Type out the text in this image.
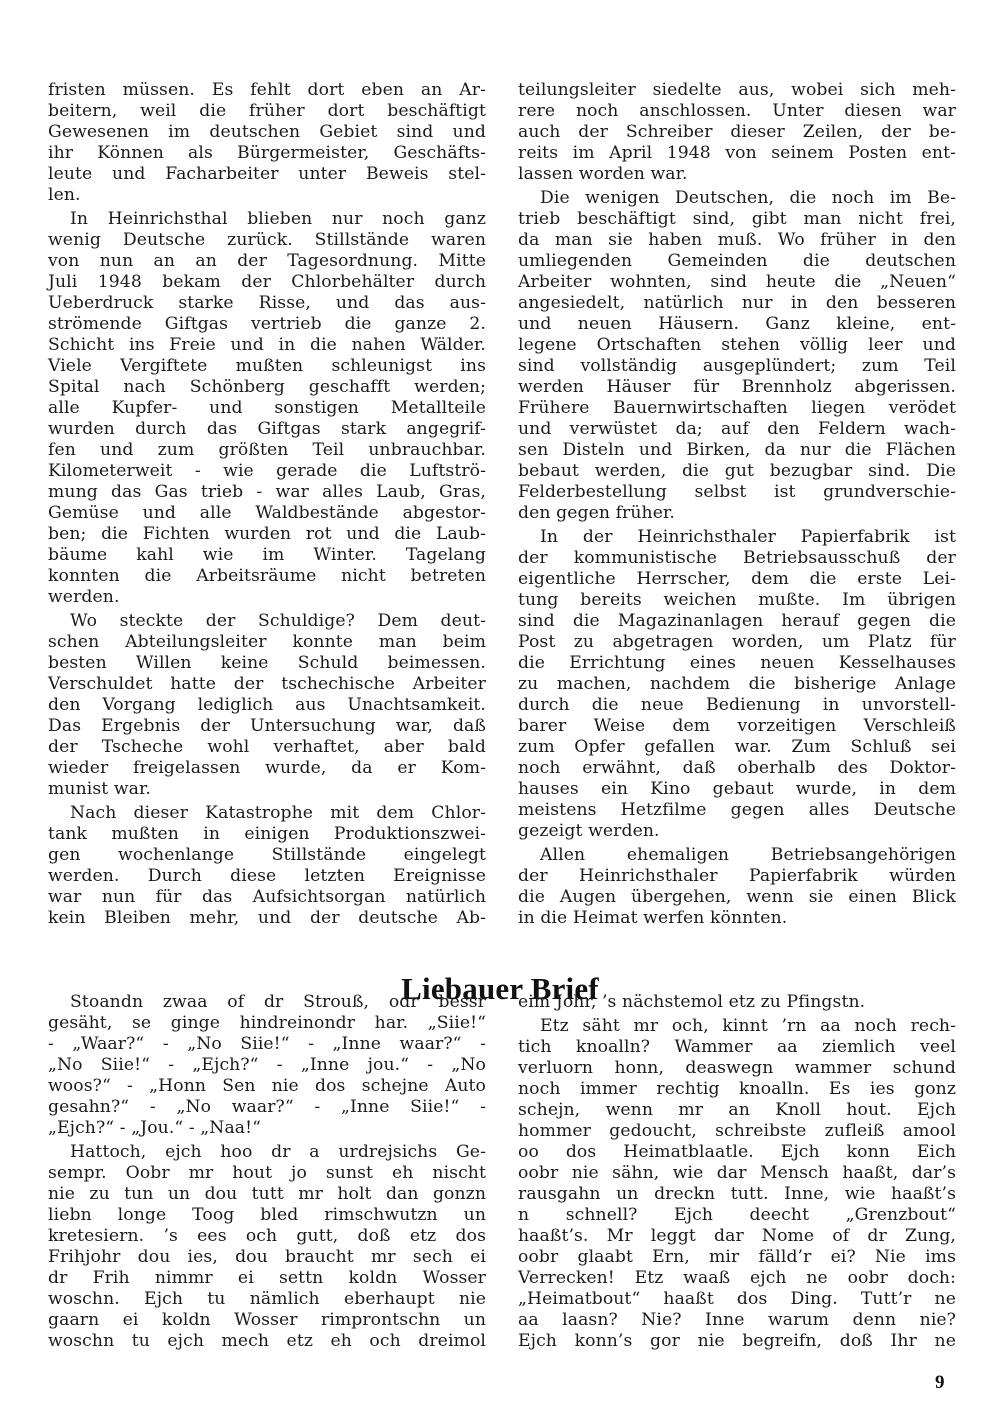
fristen müssen. Es fehlt dort eben an Ar-
beitern, weil die früher dort beschäftigt
Gewesenen im deutschen Gebiet sind und
ihr Können als Bürgermeister, Geschäfts-
leute und Facharbeiter unter Beweis stel-
len.
In Heinrichsthal blieben nur noch ganz
wenig Deutsche zurück. Stillstände waren
von nun an an der Tagesordnung. Mitte
Juli 1948 bekam der Chlorbehälter durch
Ueberdruck starke Risse, und das aus-
strömende Giftgas vertrieb die ganze 2.
Schicht ins Freie und in die nahen Wälder.
Viele Vergiftete mußten schleunigst ins
Spital nach Schönberg geschafft werden;
alle Kupfer- und sonstigen Metallteile
wurden durch das Giftgas stark angegrif-
fen und zum größten Teil unbrauchbar.
Kilometerweit - wie gerade die Luftströ-
mung das Gas trieb - war alles Laub, Gras,
Gemüse und alle Waldbestände abgestor-
ben; die Fichten wurden rot und die Laub-
bäume kahl wie im Winter. Tagelang
konnten die Arbeitsräume nicht betreten
werden.
Wo steckte der Schuldige? Dem deut-
schen Abteilungsleiter konnte man beim
besten Willen keine Schuld beimessen.
Verschuldet hatte der tschechische Arbeiter
den Vorgang lediglich aus Unachtsamkeit.
Das Ergebnis der Untersuchung war, daß
der Tscheche wohl verhaftet, aber bald
wieder freigelassen wurde, da er Kom-
munist war.
Nach dieser Katastrophe mit dem Chlor-
tank mußten in einigen Produktionszwei-
gen wochenlange Stillstände eingelegt
werden. Durch diese letzten Ereignisse
war nun für das Aufsichtsorgan natürlich
kein Bleiben mehr, und der deutsche Ab-
teilungsleiter siedelte aus, wobei sich meh-
rere noch anschlossen. Unter diesen war
auch der Schreiber dieser Zeilen, der be-
reits im April 1948 von seinem Posten ent-
lassen worden war.
Die wenigen Deutschen, die noch im Be-
trieb beschäftigt sind, gibt man nicht frei,
da man sie haben muß. Wo früher in den
umliegenden Gemeinden die deutschen
Arbeiter wohnten, sind heute die „Neuen“
angesiedelt, natürlich nur in den besseren
und neuen Häusern. Ganz kleine, ent-
legene Ortschaften stehen völlig leer und
sind vollständig ausgeplündert; zum Teil
werden Häuser für Brennholz abgerissen.
Frühere Bauernwirtschaften liegen verödet
und verwüstet da; auf den Feldern wach-
sen Disteln und Birken, da nur die Flächen
bebaut werden, die gut bezugbar sind. Die
Felderbestellung selbst ist grundverschie-
den gegen früher.
In der Heinrichsthaler Papierfabrik ist
der kommunistische Betriebsausschuß der
eigentliche Herrscher, dem die erste Lei-
tung bereits weichen mußte. Im übrigen
sind die Magazinanlagen herauf gegen die
Post zu abgetragen worden, um Platz für
die Errichtung eines neuen Kesselhauses
zu machen, nachdem die bisherige Anlage
durch die neue Bedienung in unvorstell-
barer Weise dem vorzeitigen Verschleiß
zum Opfer gefallen war. Zum Schluß sei
noch erwähnt, daß oberhalb des Doktor-
hauses ein Kino gebaut wurde, in dem
meistens Hetzfilme gegen alles Deutsche
gezeigt werden.
Allen ehemaligen Betriebsangehörigen
der Heinrichsthaler Papierfabrik würden
die Augen übergehen, wenn sie einen Blick
in die Heimat werfen könnten.
Liebauer Brief
Stoandn zwaa of dr Strouß, odr bessr
gesäht, se ginge hindreinondr har. „Siie!“
- „Waar?“ - „No Siie!“ - „Inne waar?“ -
„No Siie!“ - „Ejch?“ - „Inne jou.“ - „No
woos?“ - „Honn Sen nie dos schejne Auto
gesahn?“ - „No waar?“ - „Inne Siie!“ -
„Ejch?“ - „Jou.“ - „Naa!“
Hattoch, ejch hoo dr a urdrejsichs Ge-
sempr. Oobr mr hout jo sunst eh nischt
nie zu tun un dou tutt mr holt dan gonzn
liebn longe Toog bled rimschwutzn un
kretesiern. ’s ees och gutt, doß etz dos
Frihjohr dou ies, dou braucht mr sech ei
dr Frih nimmr ei settn koldn Wosser
woschn. Ejch tu nämlich eberhaupt nie
gaarn ei koldn Wosser rimprontschn un
woschn tu ejch mech etz eh och dreimol
eim Johr, ’s nächstemol etz zu Pfingstn.
Etz säht mr och, kinnt ’rn aa noch rech-
tich knoalln? Wammer aa ziemlich veel
verluorn honn, deaswegn wammer schund
noch immer rechtig knoalln. Es ies gonz
schejn, wenn mr an Knoll hout. Ejch
hommer gedoucht, schreibste zufleiß amool
oo dos Heimatblaatle. Ejch konn Eich
oobr nie sähn, wie dar Mensch haaßt, dar’s
rausgahn un dreckn tutt. Inne, wie haaßt’s
n schnell? Ejch deecht „Grenzbout“
haaßt’s. Mr leggt dar Nome of dr Zung,
oobr glaabt Ern, mir fälld’r ei? Nie ims
Verrecken! Etz waaß ejch ne oobr doch:
„Heimatbout“ haaßt dos Ding. Tutt’r ne
aa laasn? Nie? Inne warum denn nie?
Ejch konn’s gor nie begreifn, doß Ihr ne
9
